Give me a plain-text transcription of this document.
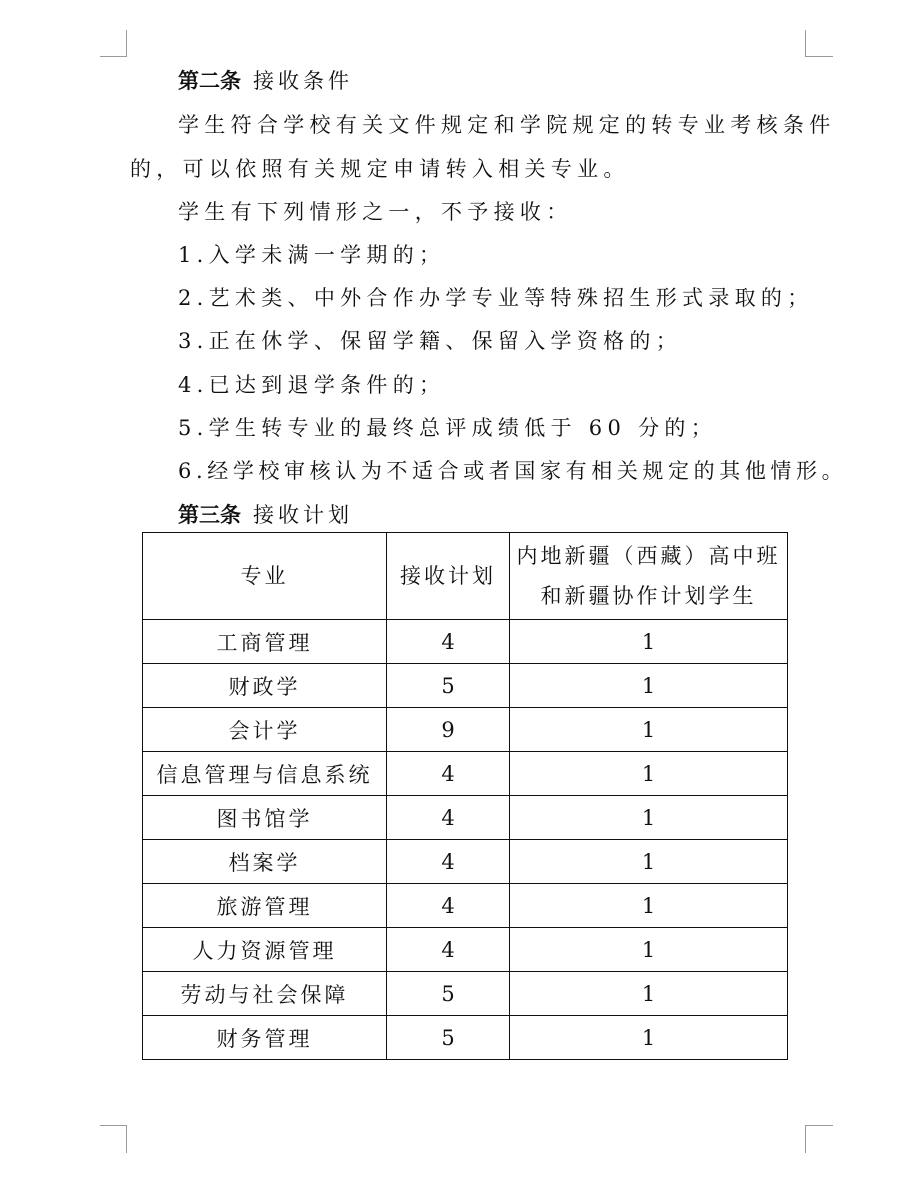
第二条 接收条件
学生符合学校有关文件规定和学院规定的转专业考核条件
的，可以依照有关规定申请转入相关专业。
学生有下列情形之一，不予接收：
1.入学未满一学期的；
2.艺术类、中外合作办学专业等特殊招生形式录取的；
3.正在休学、保留学籍、保留入学资格的；
4.已达到退学条件的；
5.学生转专业的最终总评成绩低于 60 分的；
6.经学校审核认为不适合或者国家有相关规定的其他情形。
第三条 接收计划
专业	接收计划	内地新疆（西藏）高中班
和新疆协作计划学生

工商管理	4	1
财政学	5	1
会计学	9	1
信息管理与信息系统	4	1
图书馆学	4	1
档案学	4	1
旅游管理	4	1
人力资源管理	4	1
劳动与社会保障	5	1
财务管理	5	1
